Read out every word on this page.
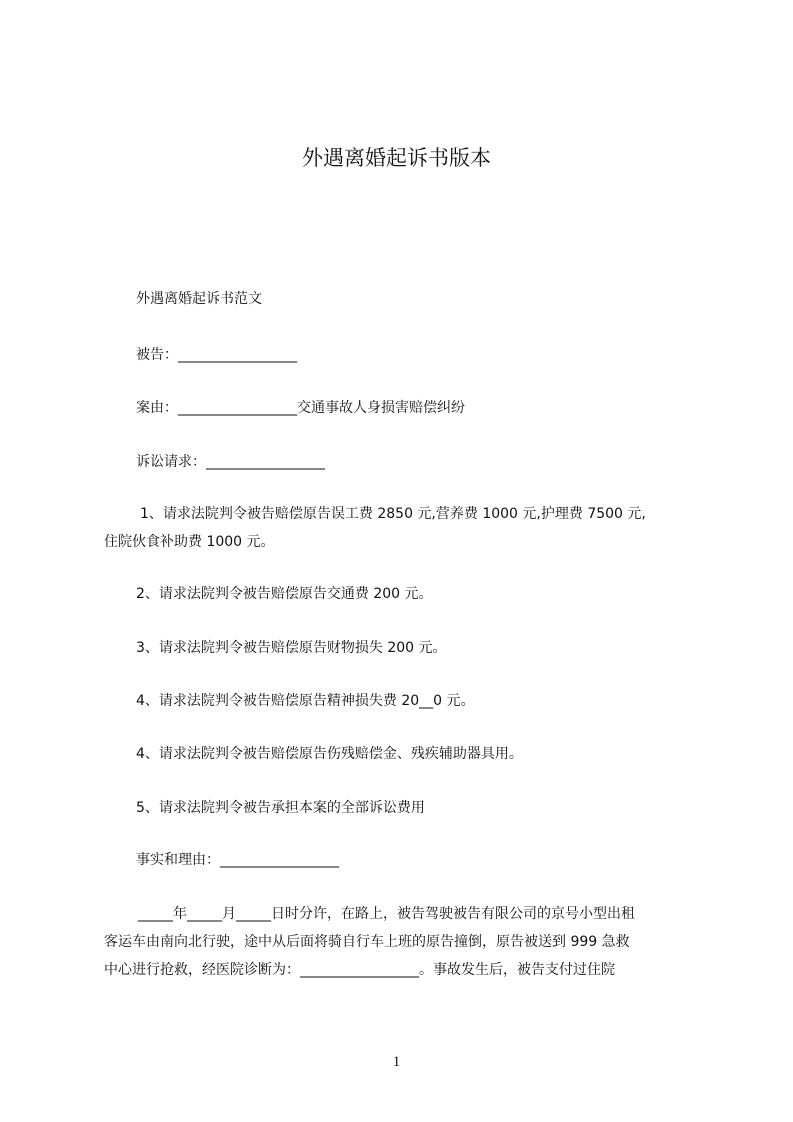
外遇离婚起诉书版本
外遇离婚起诉书范文
被告：_________________
案由：_________________交通事故人身损害赔偿纠纷
诉讼请求：_________________
1、请求法院判令被告赔偿原告误工费 2850 元,营养费 1000 元,护理费 7500 元,
住院伙食补助费 1000 元。
2、请求法院判令被告赔偿原告交通费 200 元。
3、请求法院判令被告赔偿原告财物损失 200 元。
4、请求法院判令被告赔偿原告精神损失费 20__0 元。
4、请求法院判令被告赔偿原告伤残赔偿金、残疾辅助器具用。
5、请求法院判令被告承担本案的全部诉讼费用
事实和理由：_________________
_____年_____月_____日时分许，在路上，被告驾驶被告有限公司的京号小型出租
客运车由南向北行驶，途中从后面将骑自行车上班的原告撞倒，原告被送到 999 急救
中心进行抢救，经医院诊断为：_________________。事故发生后，被告支付过住院
1
